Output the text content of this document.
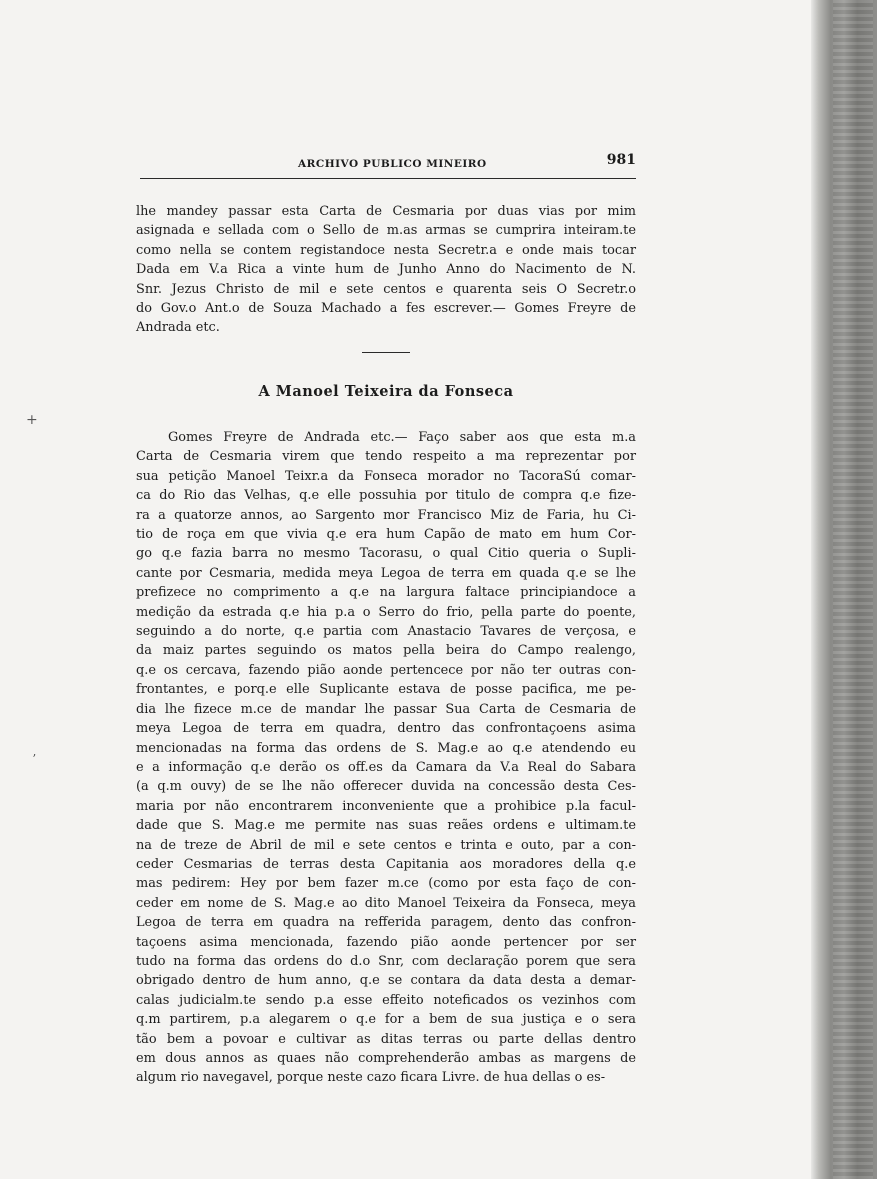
ARCHIVO PUBLICO MINEIRO	981
lhe mandey passar esta Carta de Cesmaria por duas vias por mim
asignada e sellada com o Sello de m.as armas se cumprira inteiram.te
como nella se contem registandoce nesta Secretr.a e onde mais tocar
Dada em V.a Rica a vinte hum de Junho Anno do Nacimento de N.
Snr. Jezus Christo de mil e sete centos e quarenta seis O Secretr.o
do Gov.o Ant.o de Souza Machado a fes escrever.— Gomes Freyre de
Andrada etc.
A Manoel Teixeira da Fonseca
Gomes Freyre de Andrada etc.— Faço saber aos que esta m.a
Carta de Cesmaria virem que tendo respeito a ma reprezentar por
sua petição Manoel Teixr.a da Fonseca morador no TacoraSú comar-
ca do Rio das Velhas, q.e elle possuhia por titulo de compra q.e fize-
ra a quatorze annos, ao Sargento mor Francisco Miz de Faria, hu Ci-
tio de roça em que vivia q.e era hum Capão de mato em hum Cor-
go q.e fazia barra no mesmo Tacorasu, o qual Citio queria o Supli-
cante por Cesmaria, medida meya Legoa de terra em quada q.e se lhe
prefizece no comprimento a q.e na largura faltace principiandoce a
medição da estrada q.e hia p.a o Serro do frio, pella parte do poente,
seguindo a do norte, q.e partia com Anastacio Tavares de verçosa, e
da maiz partes seguindo os matos pella beira do Campo realengo,
q.e os cercava, fazendo pião aonde pertencece por não ter outras con-
frontantes, e porq.e elle Suplicante estava de posse pacifica, me pe-
dia lhe fizece m.ce de mandar lhe passar Sua Carta de Cesmaria de
meya Legoa de terra em quadra, dentro das confrontaçoens asima
mencionadas na forma das ordens de S. Mag.e ao q.e atendendo eu
e a informação q.e derão os off.es da Camara da V.a Real do Sabara
(a q.m ouvy) de se lhe não offerecer duvida na concessão desta Ces-
maria por não encontrarem inconveniente que a prohibice p.la facul-
dade que S. Mag.e me permite nas suas reães ordens e ultimam.te
na de treze de Abril de mil e sete centos e trinta e outo, par a con-
ceder Cesmarias de terras desta Capitania aos moradores della q.e
mas pedirem: Hey por bem fazer m.ce (como por esta faço de con-
ceder em nome de S. Mag.e ao dito Manoel Teixeira da Fonseca, meya
Legoa de terra em quadra na refferida paragem, dento das confron-
taçoens asima mencionada, fazendo pião aonde pertencer por ser
tudo na forma das ordens do d.o Snr, com declaração porem que sera
obrigado dentro de hum anno, q.e se contara da data desta a demar-
calas judicialm.te sendo p.a esse effeito noteficados os vezinhos com
q.m partirem, p.a alegarem o q.e for a bem de sua justiça e o sera
tão bem a povoar e cultivar as ditas terras ou parte dellas dentro
em dous annos as quaes não comprehenderão ambas as margens de
algum rio navegavel, porque neste cazo ficara Livre. de hua dellas o es-
+
ʼ
